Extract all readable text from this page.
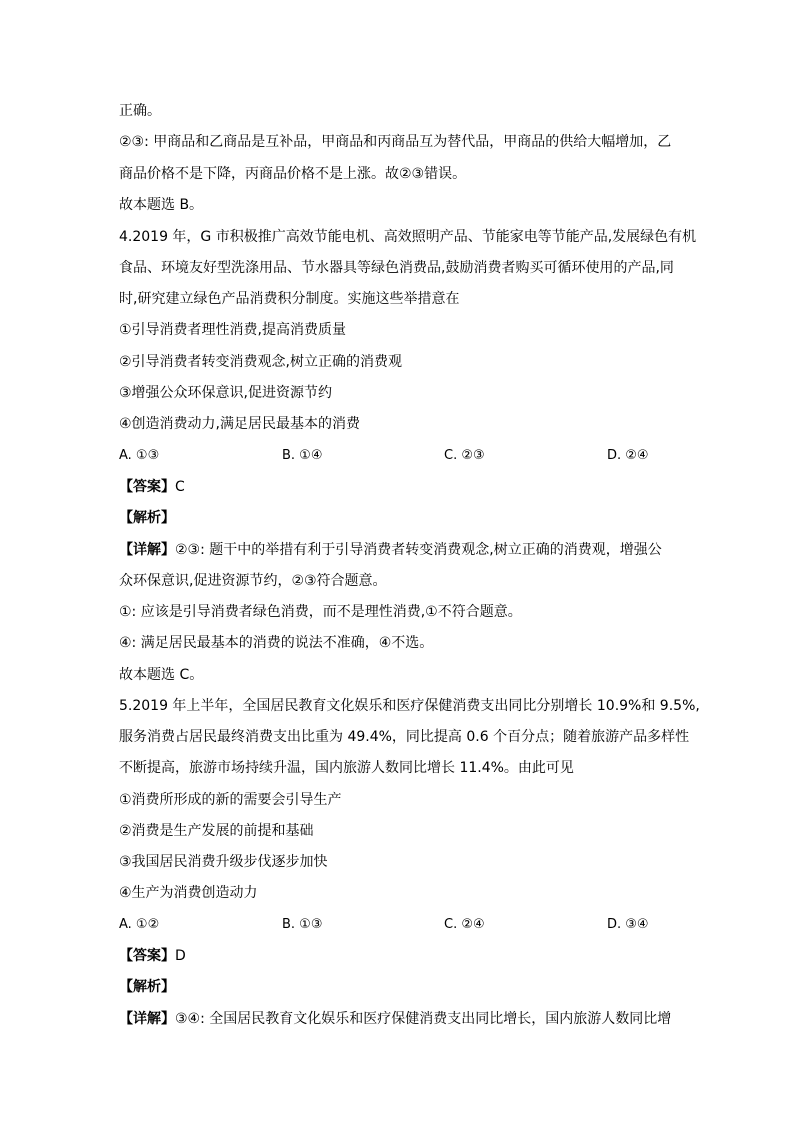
正确。
②③: 甲商品和乙商品是互补品，甲商品和丙商品互为替代品，甲商品的供给大幅增加，乙
商品价格不是下降，丙商品价格不是上涨。故②③错误。
故本题选 B。
4.2019 年，G 市积极推广高效节能电机、高效照明产品、节能家电等节能产品,发展绿色有机
食品、环境友好型洗涤用品、节水器具等绿色消费品,鼓励消费者购买可循环使用的产品,同
时,研究建立绿色产品消费积分制度。实施这些举措意在
①引导消费者理性消费,提高消费质量
②引导消费者转变消费观念,树立正确的消费观
③增强公众环保意识,促进资源节约
④创造消费动力,满足居民最基本的消费
A. ①③	B. ①④	C. ②③	D. ②④
【答案】C
【解析】
【详解】②③: 题干中的举措有利于引导消费者转变消费观念,树立正确的消费观，增强公
众环保意识,促进资源节约，②③符合题意。
①: 应该是引导消费者绿色消费，而不是理性消费,①不符合题意。
④: 满足居民最基本的消费的说法不准确，④不选。
故本题选 C。
5.2019 年上半年，全国居民教育文化娱乐和医疗保健消费支出同比分别增长 10.9%和 9.5%,
服务消费占居民最终消费支出比重为 49.4%，同比提高 0.6 个百分点；随着旅游产品多样性
不断提高，旅游市场持续升温，国内旅游人数同比增长 11.4%。由此可见
①消费所形成的新的需要会引导生产
②消费是生产发展的前提和基础
③我国居民消费升级步伐逐步加快
④生产为消费创造动力
A. ①②	B. ①③	C. ②④	D. ③④
【答案】D
【解析】
【详解】③④: 全国居民教育文化娱乐和医疗保健消费支出同比增长，国内旅游人数同比增
